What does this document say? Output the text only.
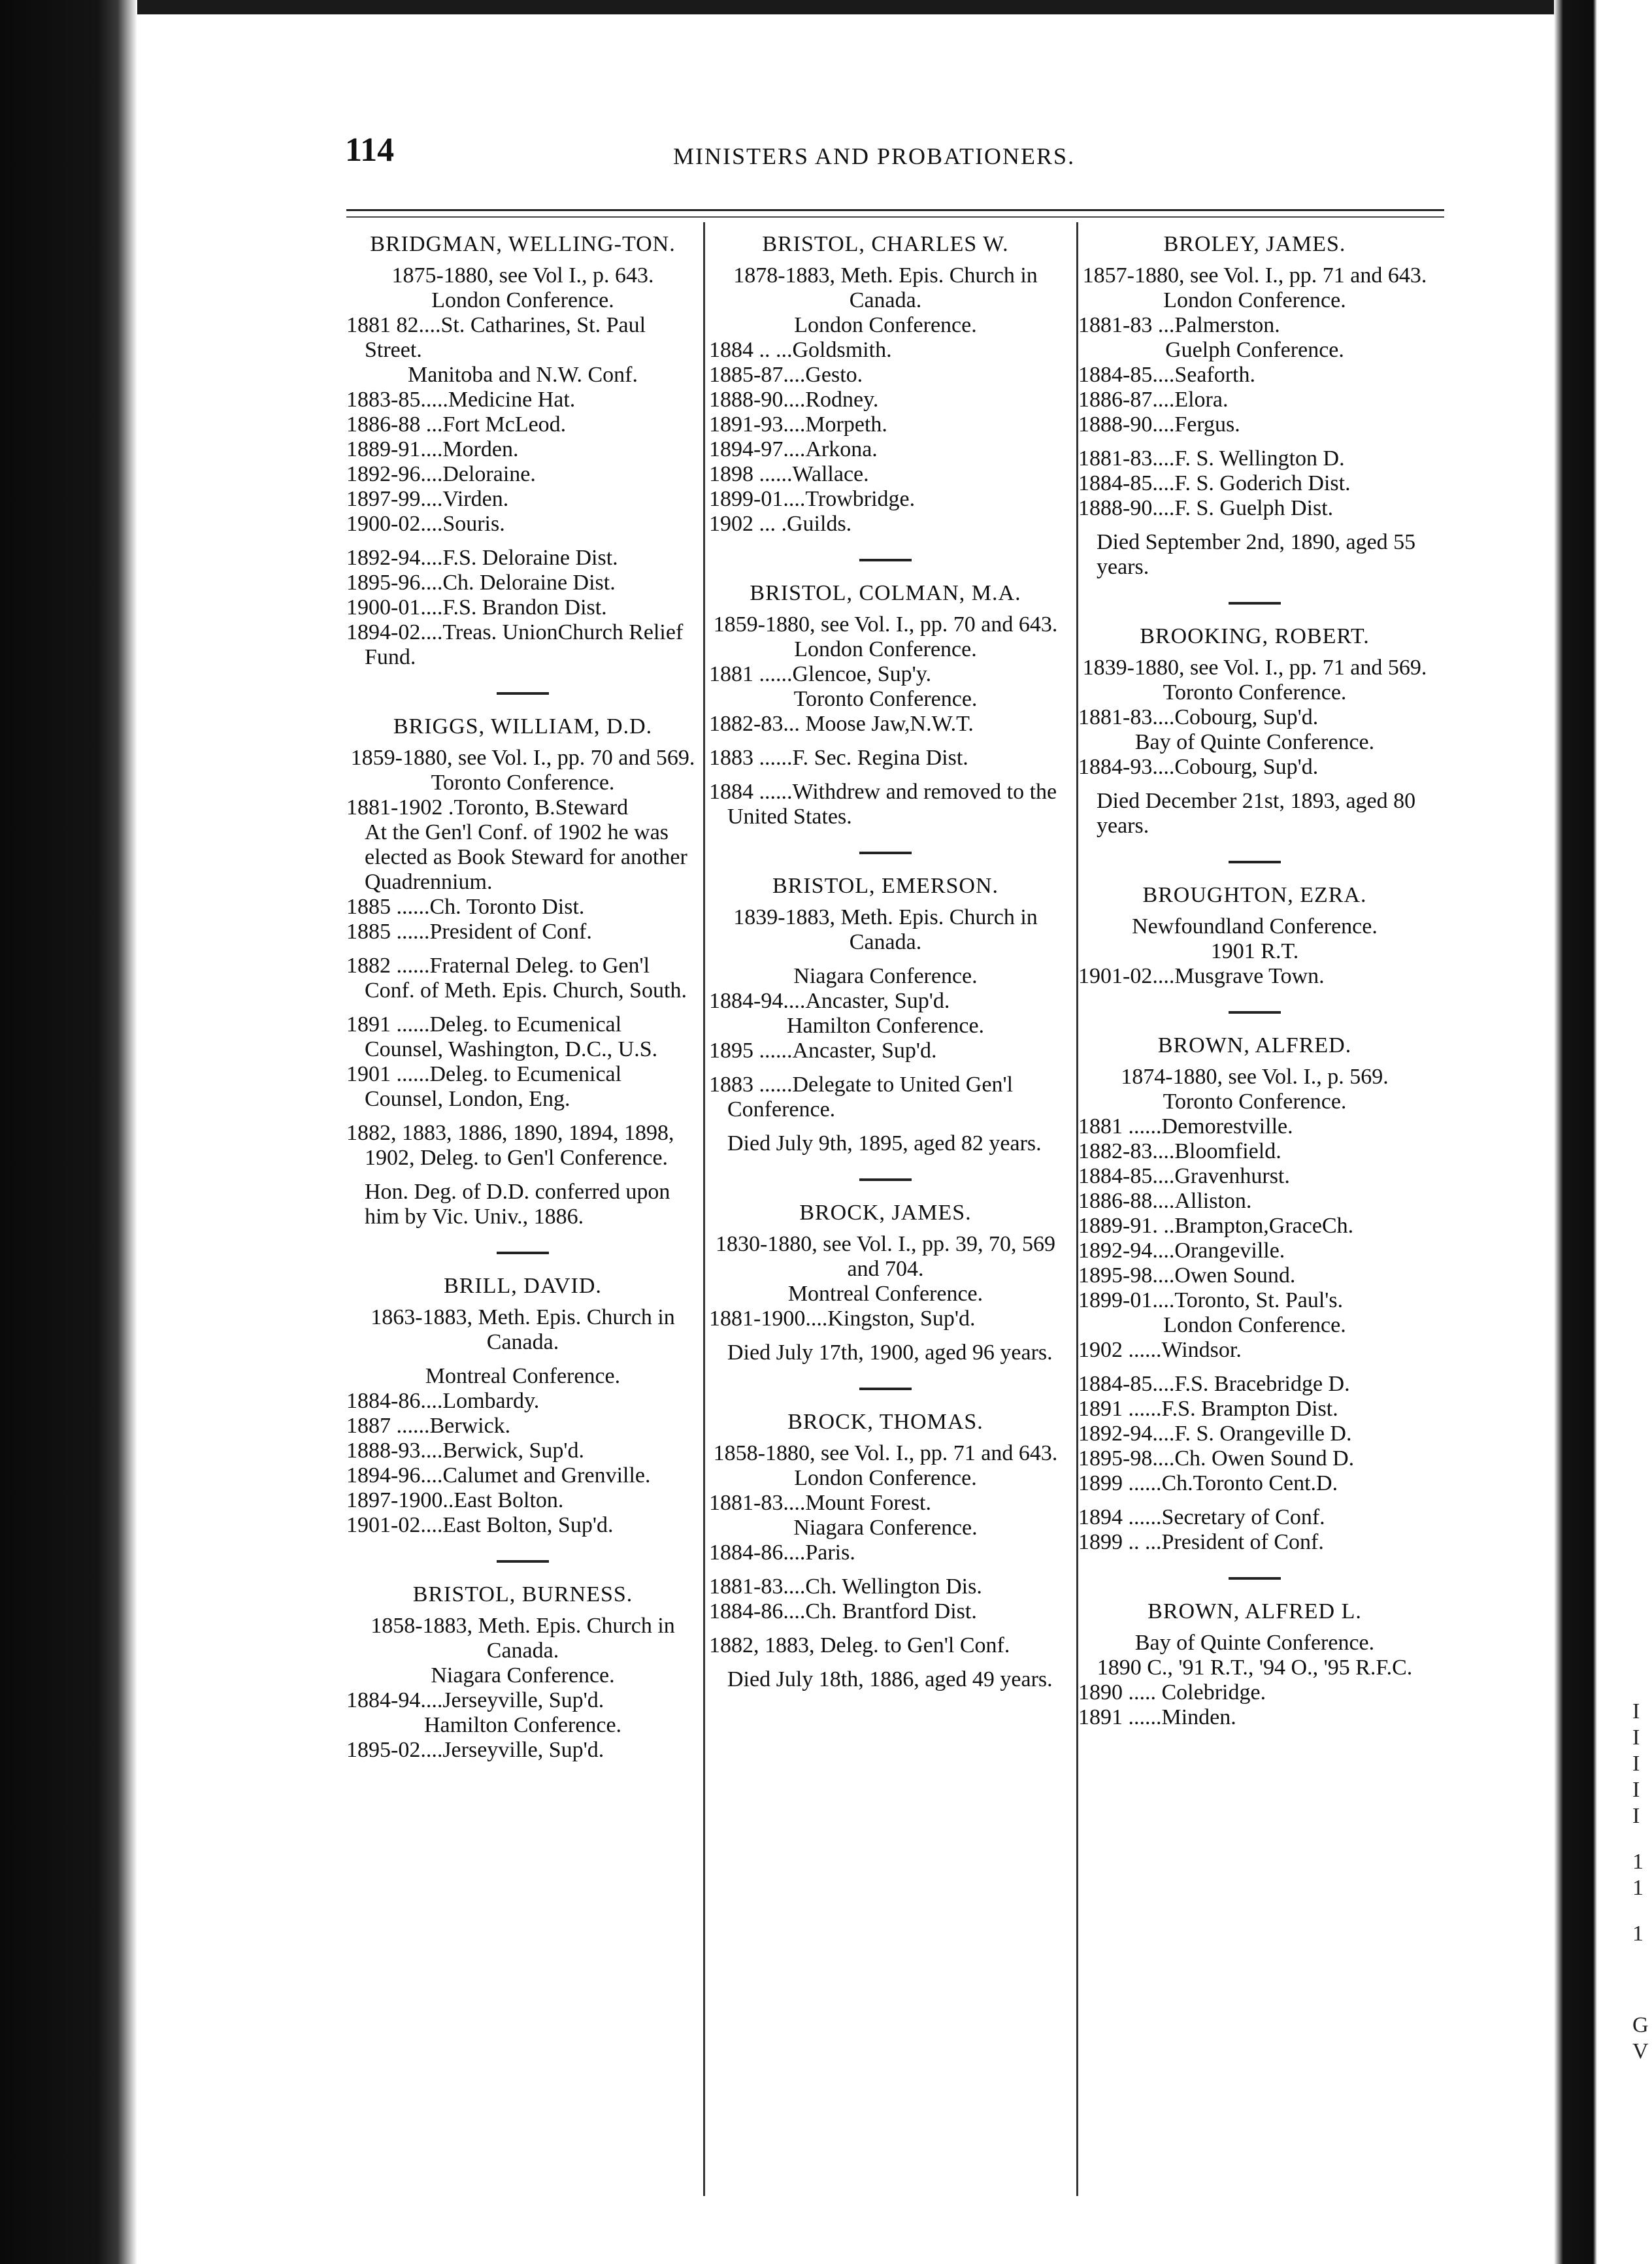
114	MINISTERS AND PROBATIONERS.
BRIDGMAN, WELLING-TON.
1875-1880, see Vol I., p. 643.
London Conference.
1881 82....St. Catharines, St. Paul Street.
Manitoba and N.W. Conf.
1883-85.....Medicine Hat.
1886-88 ...Fort McLeod.
1889-91....Morden.
1892-96....Deloraine.
1897-99....Virden.
1900-02....Souris.
1892-94....F.S. Deloraine Dist.
1895-96....Ch. Deloraine Dist.
1900-01....F.S. Brandon Dist.
1894-02....Treas. UnionChurch Relief Fund.
BRIGGS, WILLIAM, D.D.
1859-1880, see Vol. I., pp. 70 and 569.
Toronto Conference.
1881-1902 .Toronto, B.Steward
At the Gen'l Conf. of 1902 he was elected as Book Steward for another Quadrennium.
1885 ......Ch. Toronto Dist.
1885 ......President of Conf.
1882 ......Fraternal Deleg. to Gen'l Conf. of Meth. Epis. Church, South.
1891 ......Deleg. to Ecumenical Counsel, Washington, D.C., U.S.
1901 ......Deleg. to Ecumenical Counsel, London, Eng.
1882, 1883, 1886, 1890, 1894, 1898, 1902, Deleg. to Gen'l Conference.
Hon. Deg. of D.D. conferred upon him by Vic. Univ., 1886.
BRILL, DAVID.
1863-1883, Meth. Epis. Church in Canada.
Montreal Conference.
1884-86....Lombardy.
1887 ......Berwick.
1888-93....Berwick, Sup'd.
1894-96....Calumet and Grenville.
1897-1900..East Bolton.
1901-02....East Bolton, Sup'd.
BRISTOL, BURNESS.
1858-1883, Meth. Epis. Church in Canada.
Niagara Conference.
1884-94....Jerseyville, Sup'd.
Hamilton Conference.
1895-02....Jerseyville, Sup'd.
BRISTOL, CHARLES W.
1878-1883, Meth. Epis. Church in Canada.
London Conference.
1884 .. ...Goldsmith.
1885-87....Gesto.
1888-90....Rodney.
1891-93....Morpeth.
1894-97....Arkona.
1898 ......Wallace.
1899-01....Trowbridge.
1902 ... .Guilds.
BRISTOL, COLMAN, M.A.
1859-1880, see Vol. I., pp. 70 and 643.
London Conference.
1881 ......Glencoe, Sup'y.
Toronto Conference.
1882-83... Moose Jaw,N.W.T.
1883 ......F. Sec. Regina Dist.
1884 ......Withdrew and removed to the United States.
BRISTOL, EMERSON.
1839-1883, Meth. Epis. Church in Canada.
Niagara Conference.
1884-94....Ancaster, Sup'd.
Hamilton Conference.
1895 ......Ancaster, Sup'd.
1883 ......Delegate to United Gen'l Conference.
Died July 9th, 1895, aged 82 years.
BROCK, JAMES.
1830-1880, see Vol. I., pp. 39, 70, 569 and 704.
Montreal Conference.
1881-1900....Kingston, Sup'd.
Died July 17th, 1900, aged 96 years.
BROCK, THOMAS.
1858-1880, see Vol. I., pp. 71 and 643.
London Conference.
1881-83....Mount Forest.
Niagara Conference.
1884-86....Paris.
1881-83....Ch. Wellington Dis.
1884-86....Ch. Brantford Dist.
1882, 1883, Deleg. to Gen'l Conf.
Died July 18th, 1886, aged 49 years.
BROLEY, JAMES.
1857-1880, see Vol. I., pp. 71 and 643.
London Conference.
1881-83 ...Palmerston.
Guelph Conference.
1884-85....Seaforth.
1886-87....Elora.
1888-90....Fergus.
1881-83....F. S. Wellington D.
1884-85....F. S. Goderich Dist.
1888-90....F. S. Guelph Dist.
Died September 2nd, 1890, aged 55 years.
BROOKING, ROBERT.
1839-1880, see Vol. I., pp. 71 and 569.
Toronto Conference.
1881-83....Cobourg, Sup'd.
Bay of Quinte Conference.
1884-93....Cobourg, Sup'd.
Died December 21st, 1893, aged 80 years.
BROUGHTON, EZRA.
Newfoundland Conference.
1901 R.T.
1901-02....Musgrave Town.
BROWN, ALFRED.
1874-1880, see Vol. I., p. 569.
Toronto Conference.
1881 ......Demorestville.
1882-83....Bloomfield.
1884-85....Gravenhurst.
1886-88....Alliston.
1889-91. ..Brampton,GraceCh.
1892-94....Orangeville.
1895-98....Owen Sound.
1899-01....Toronto, St. Paul's.
London Conference.
1902 ......Windsor.
1884-85....F.S. Bracebridge D.
1891 ......F.S. Brampton Dist.
1892-94....F. S. Orangeville D.
1895-98....Ch. Owen Sound D.
1899 ......Ch.Toronto Cent.D.
1894 ......Secretary of Conf.
1899 .. ...President of Conf.
BROWN, ALFRED L.
Bay of Quinte Conference.
1890 C., '91 R.T., '94 O., '95 R.F.C.
1890 ..... Colebridge.
1891 ......Minden.	I
I
I
I
I
1
1
1
G
V
